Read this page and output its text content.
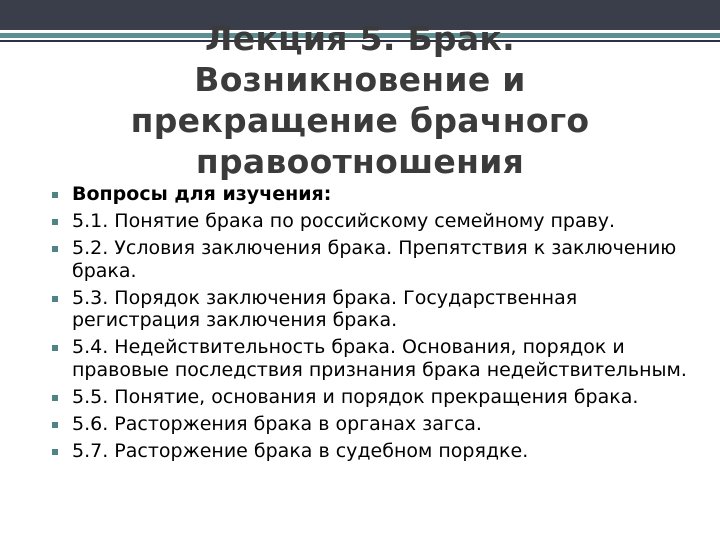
Лекция 5. Брак.
Возникновение и
прекращение брачного
правоотношения
Вопросы для изучения:
5.1. Понятие брака по российскому семейному праву.
5.2. Условия заключения брака. Препятствия к заключению брака.
5.3. Порядок заключения брака. Государственная регистрация заключения брака.
5.4. Недействительность брака. Основания, порядок и правовые последствия признания брака недействительным.
5.5. Понятие, основания и порядок прекращения брака.
5.6. Расторжения брака в органах загса.
5.7. Расторжение брака в судебном порядке.
